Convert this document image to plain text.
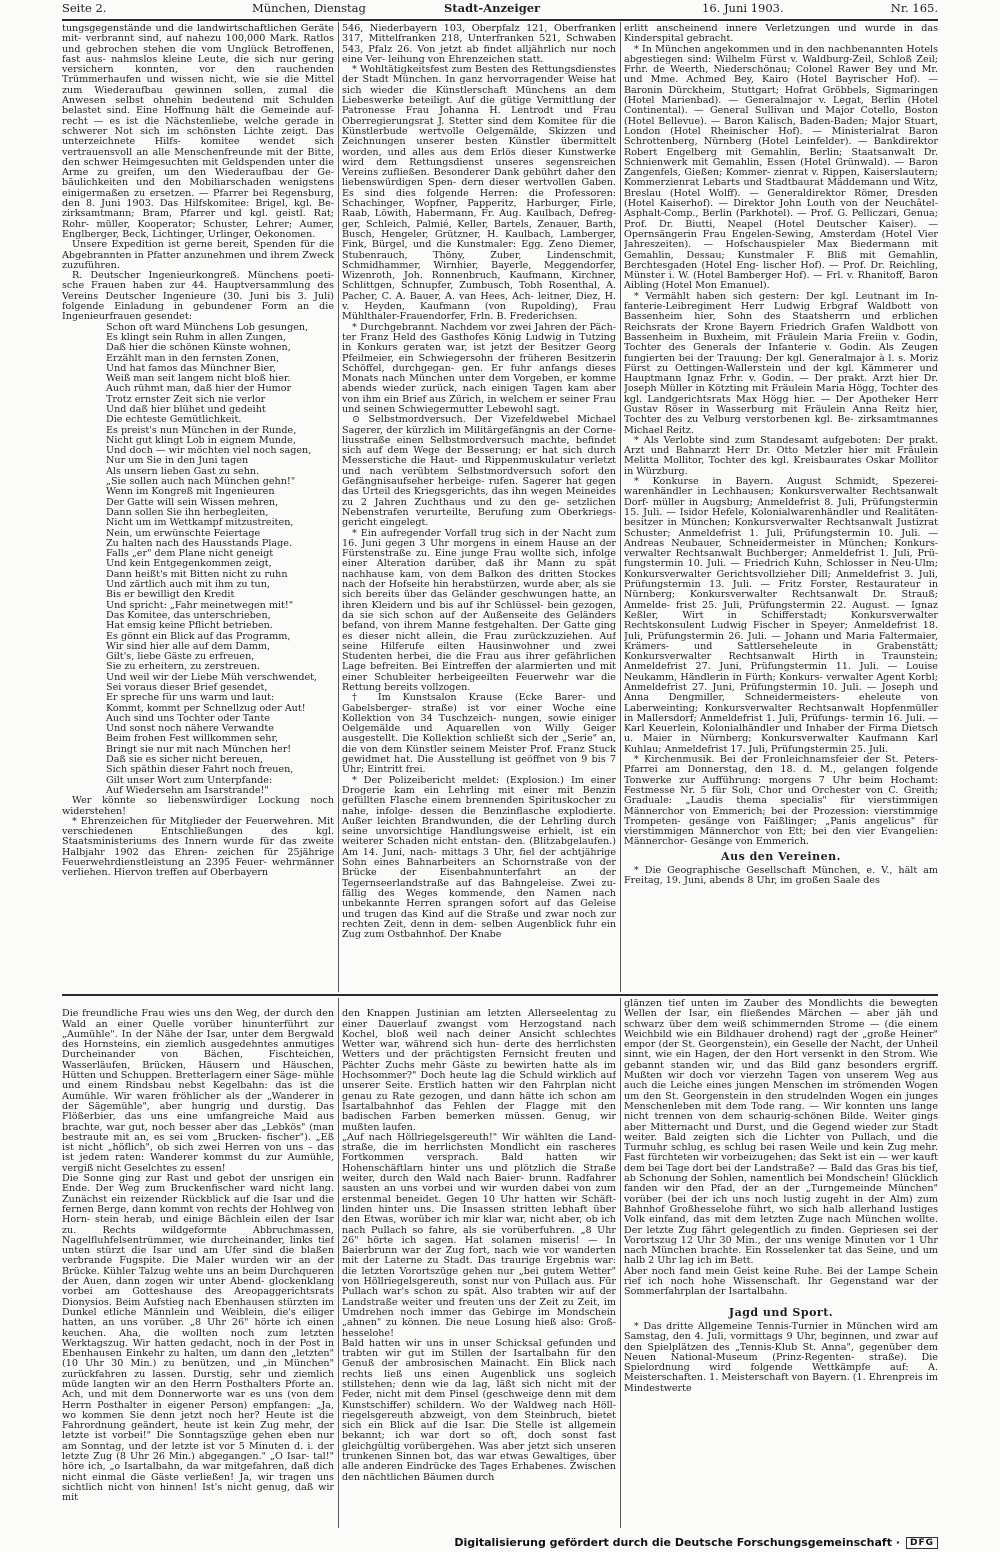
Seite 2.	München, Dienstag	Stadt-Anzeiger	16. Juni 1903.	Nr. 165.

tungsgegenstände und die landwirtschaftlichen Geräte mit- verbrannt sind, auf nahezu 100,000 Mark. Ratlos und gebrochen stehen die vom Unglück Betroffenen, fast aus- nahmslos kleine Leute, die sich nur gering versichern konnten, vor den rauchenden Trümmerhaufen und wissen nicht, wie sie die Mittel zum Wiederaufbau gewinnen sollen, zumal die Anwesen selbst ohnehin bedeutend mit Schulden belastet sind. Eine Hoffnung hält die Gemeinde auf- recht — es ist die Nächstenliebe, welche gerade in schwerer Not sich im schönsten Lichte zeigt. Das unterzeichnete Hilfs- komitee wendet sich vertrauensvoll an alle Menschenfreunde mit der Bitte, den schwer Heimgesuchten mit Geldspenden unter die Arme zu greifen, um den Wiederaufbau der Ge- bäulichkeiten und den Mobiliarschaden wenigstens einigermaßen zu ersetzen. — Pfarrer bei Regensburg, den 8. Juni 1903. Das Hilfskomitee: Brigel, kgl. Be- zirksamtmann; Bram, Pfarrer und kgl. geistl. Rat; Rohr- müller, Kooperator; Schuster, Lehrer; Aumer, Englberger, Beck, Lichtinger, Urlinger, Oekonomen.

Unsere Expedition ist gerne bereit, Spenden für die Abgebrannten in Pfatter anzunehmen und ihrem Zweck zuzuführen.

R. Deutscher Ingenieurkongreß. Münchens poeti- sche Frauen haben zur 44. Hauptversammlung des Vereins Deutscher Ingenieure (30. Juni bis 3. Juli) folgende Einladung in gebundener Form an die Ingenieurfrauen gesendet:

Schon oft ward Münchens Lob gesungen,
Es klingt sein Ruhm in allen Zungen,
Daß hier die schönen Künste wohnen,
Erzählt man in den fernsten Zonen,
Und hat famos das Münchner Bier,
Weiß man seit langem nicht bloß hier.
Auch rühmt man, daß hier der Humor
Trotz ernster Zeit sich nie verlor
Und daß hier blühet und gedeiht
Die echteste Gemütlichkeit.
Es preist's nun München in der Runde,
Nicht gut klingt Lob in eignem Munde,
Und doch — wir möchten viel noch sagen,
Nur um Sie in den Juni tagen
Als unsern lieben Gast zu sehn.
„Sie sollen auch nach München gehn!"
Wenn im Kongreß mit Ingenieuren
Der Gatte will sein Wissen mehren,
Dann sollen Sie ihn herbegleiten,
Nicht um im Wettkampf mitzustreiten,
Nein, um erwünschte Feiertage
Zu halten nach des Hausstands Plage.
Falls „er" dem Plane nicht geneigt
Und kein Entgegenkommen zeigt,
Dann heißt's mit Bitten nicht zu ruhn
Und zärtlich auch mit ihm zu tun,
Bis er bewilligt den Kredit
Und spricht: „Fahr meinetwegen mit!"
Das Komitee, das unterschrieben,
Hat emsig keine Pflicht betrieben.
Es gönnt ein Blick auf das Programm,
Wir sind hier alle auf dem Damm,
Gilt's, liebe Gäste zu erfreuen,
Sie zu erheitern, zu zerstreuen.
Und weil wir der Liebe Müh verschwendet,
Sei voraus dieser Brief gesendet,
Er spreche für uns warm und laut:
Kommt, kommt per Schnellzug oder Aut!
Auch sind uns Tochter oder Tante
Und sonst noch nähere Verwandte
Beim frohen Fest willkommen sehr,
Bringt sie nur mit nach München her!
Daß sie es sicher nicht bereuen,
Sich späthin dieser Fahrt noch freuen,
Gilt unser Wort zum Unterpfande:
Auf Wiedersehn am Isarstrande!"

Wer könnte so liebenswürdiger Lockung noch widerstehen!

* Ehrenzeichen für Mitglieder der Feuerwehren. Mit verschiedenen Entschließungen des kgl. Staatsministeriums des Innern wurde für das zweite Halbjahr 1902 das Ehren- zeichen für 25jährige Feuerwehrdienstleistung an 2395 Feuer- wehrmänner verliehen. Hiervon treffen auf Oberbayern

546, Niederbayern 103, Oberpfalz 121, Oberfranken 317, Mittelfranken 218, Unterfranken 521, Schwaben 543, Pfalz 26. Von jetzt ab findet alljährlich nur noch eine Ver- leihung von Ehrenzeichen statt.

* Wohltätigkeitsfest zum Besten des Rettungsdienstes der Stadt München. In ganz hervorragender Weise hat sich wieder die Künstlerschaft Münchens an dem Liebeswerke beteiligt. Auf die gütige Vermittlung der Patronesse Frau Johanna H. Lentrodt und Frau Oberregierungsrat J. Stetter sind dem Komitee für die Künstlerbude wertvolle Oelgemälde, Skizzen und Zeichnungen unserer besten Künstler übermittelt worden, und alles aus dem Erlös dieser Kunstwerke wird dem Rettungsdienst unseres segensreichen Vereins zufließen. Besonderer Dank gebührt daher den liebenswürdigen Spen- dern dieser wertvollen Gaben. Es sind dies folgende Herren: die Professoren: Schachinger, Wopfner, Papperitz, Harburger, Firle, Raab, Löwith, Habermann, Fr. Aug. Kaulbach, Defreg- ger, Schleich, Palmié, Keller, Bartels, Zenauer, Barth, Busch, Hengeler, Grützner, H. Kaulbach, Lamberger, Fink, Bürgel, und die Kunstmaler: Egg. Zeno Diemer, Stubenrauch, Thöny, Zuber, Lindenschmit, Schmidhammer, Wirnhier, Bayerle, Meggendorfer, Wizenroth, Joh. Ronnenbruch, Kaufmann, Kirchner, Schlittgen, Schnupfer, Zumbusch, Tobh Rosenthal, A. Pacher, C. A. Bauer, A. van Hees, Ach- leitner, Diez, H. v. Heyden, Kaufmann (von Rupolding), Frau Mühlthaler-Frauendorfer, Frln. B. Frederichsen.

* Durchgebrannt. Nachdem vor zwei Jahren der Päch- ter Franz Held des Gasthofes König Ludwig in Tutzing in Konkurs geraten war, ist jetzt der Besitzer Georg Pfeilmeier, ein Schwiegersohn der früheren Besitzerin Schöffel, durchgegan- gen. Er fuhr anfangs dieses Monats nach München unter dem Vorgeben, er komme abends wieder zurück, nach einigen Tagen kam aber von ihm ein Brief aus Zürich, in welchem er seiner Frau und seinen Schwiegermutter Lebewohl sagt.

⊙ Selbstmordversuch. Der Vizefeldwebel Michael Sagerer, der kürzlich im Militärgefängnis an der Corne- liusstraße einen Selbstmordversuch machte, befindet sich auf dem Wege der Besserung; er hat sich durch Messerstiche die Haut- und Rippenmuskulatur verletzt und nach verübtem Selbstmordversuch sofort den Gefängnisaufseher herbeige- rufen. Sagerer hat gegen das Urteil des Kriegsgerichts, das ihn wegen Meineides zu 2 Jahren Zuchthaus und zu den ge- setzlichen Nebenstrafen verurteilte, Berufung zum Oberkriegs- gericht eingelegt.

* Ein aufregender Vorfall trug sich in der Nacht zum 16. Juni gegen 3 Uhr morgens in einem Hause an der Fürstenstraße zu. Eine junge Frau wollte sich, infolge einer Alteration darüber, daß ihr Mann zu spät nachhause kam, von dem Balkon des dritten Stockes nach der Hofseite hin herabstürzen, wurde aber, als sie sich bereits über das Geländer geschwungen hatte, an ihren Kleidern und bis auf ihr Schlüssel- bein gezogen, da sie sich schon auf der Außenseite des Geländers befand, von ihrem Manne festgehalten. Der Gatte ging es dieser nicht allein, die Frau zurückzuziehen. Auf seine Hilferufe eilten Hausinwohner und zwei Studenten herbei, die die Frau aus ihrer gefährlichen Lage befreiten. Bei Eintreffen der alarmierten und mit einer Schubleiter herbeigeeilten Feuerwehr war die Rettung bereits vollzogen.

† Im Kunstsalon Krause (Ecke Barer- und Gabelsberger- straße) ist vor einer Woche eine Kollektion von 34 Tuschzeich- nungen, sowie einiger Oelgemälde und Aquarellen von Willy Geiger ausgestellt. Die Kollektion schließt sich der „Serie" an, die von dem Künstler seinem Meister Prof. Franz Stuck gewidmet hat. Die Ausstellung ist geöffnet von 9 bis 7 Uhr; Eintritt frei.

* Der Polizeibericht meldet: (Explosion.) Im einer Drogerie kam ein Lehrling mit einer mit Benzin gefüllten Flasche einem brennenden Spirituskocher zu nahe, infolge- dessen die Benzinflasche explodierte. Außer leichten Brandwunden, die der Lehrling durch seine unvorsichtige Handlungsweise erhielt, ist ein weiterer Schaden nicht entstan- den. (Blitzabgelaufen.) Am 14. Juni, nach- mittags 3 Uhr, fiel der achtjährige Sohn eines Bahnarbeiters an Schornstraße von der Brücke der Eisenbahnunterfahrt an der Tegernseerlandstraße auf das Bahngeleise. Zwei zu- fällig des Weges kommende, den Namen nach unbekannte Herren sprangen sofort auf das Geleise und trugen das Kind auf die Straße und zwar noch zur rechten Zeit, denn in dem- selben Augenblick fuhr ein Zug zum Ostbahnhof. Der Knabe

erlitt anscheinend innere Verletzungen und wurde in das Kinderspital gebracht.

* In München angekommen und in den nachbenannten Hotels abgestiegen sind: Wilhelm Fürst v. Waldburg-Zeil, Schloß Zeil; Frhr. de Weerth, Niederschönau; Colonel Rawer Bey und Mr. und Mme. Achmed Bey, Kairo (Hotel Bayrischer Hof). — Baronin Dürckheim, Stuttgart; Hofrat Gröbbels, Sigmaringen (Hotel Marienbad). — Generalmajor v. Legat, Berlin (Hotel Continental). — General Sullivan und Major Cotello, Boston (Hotel Bellevue). — Baron Kalisch, Baden-Baden; Major Stuart, London (Hotel Rheinischer Hof). — Ministerialrat Baron Schrottenberg, Nürnberg (Hotel Leinfelder). — Bankdirektor Robert Engelberg mit Gemahlin, Berlin; Staatsanwalt Dr. Schnienwerk mit Gemahlin, Essen (Hotel Grünwald). — Baron Zangenfels, Gießen; Kommer- zienrat v. Rippen, Kaiserslautern; Kommerzienrat Lebarts und Stadtbaurat Mäddemann und Witz, Breslau (Hotel Wolff). — Generaldirektor Römer, Dresden (Hotel Kaiserhof). — Direktor John Louth von der Neuchâtel-Asphalt-Comp., Berlin (Parkhotel). — Prof. G. Pelliczari, Genua; Prof. Dr. Biutti, Neapel (Hotel Deutscher Kaiser). — Opernsängerin Frau Engelen-Sewing, Amsterdam (Hotel Vier Jahreszeiten). — Hofschauspieler Max Biedermann mit Gemahlin, Dessau; Kunstmaler F. Bliß mit Gemahlin, Berchtesgaden (Hotel Eng- lischer Hof). — Prof. Dr. Reichling, Münster i. W. (Hotel Bamberger Hof). — Frl. v. Rhanitoff, Baron Aibling (Hotel Mon Emanuel).

* Vermählt haben sich gestern: Der kgl. Leutnant im In- fanterie-Leibregiment Herr Ludwig Erbgraf Waldbott von Bassenheim hier, Sohn des Staatsherrn und erblichen Reichsrats der Krone Bayern Friedrich Grafen Waldbott von Bassenheim in Buxheim, mit Fräulein Maria Freiin v. Godin, Tochter des Generals der Infanterie v. Godin. Als Zeugen fungierten bei der Trauung: Der kgl. Generalmajor à l. s. Moriz Fürst zu Oettingen-Wallerstein und der kgl. Kämmerer und Hauptmann Ignaz Frhr. v. Godin. — Der prakt. Arzt hier Dr. Joseph Müller in Kötzting mit Fräulein Maria Högg, Tochter des kgl. Landgerichtsrats Max Högg hier. — Der Apotheker Herr Gustav Röser in Wasserburg mit Fräulein Anna Reitz hier, Tochter des zu Velburg verstorbenen kgl. Be- zirksamtmannes Michael Reitz.

* Als Verlobte sind zum Standesamt aufgeboten: Der prakt. Arzt und Bahnarzt Herr Dr. Otto Metzler hier mit Fräulein Melitta Mollitor, Tochter des kgl. Kreisbaurates Oskar Mollitor in Würzburg.

* Konkurse in Bayern. August Schmidt, Spezerei- warenhändler in Lechhausen; Konkursverwalter Rechtsanwalt Dorf- müller in Augsburg; Anmeldefrist 8. Juli, Prüfungstermin 15. Juli. — Isidor Hefele, Kolonialwarenhändler und Realitäten- besitzer in München; Konkursverwalter Rechtsanwalt Justizrat Schuster; Anmeldefrist 1. Juli, Prüfungstermin 10. Juli. — Andreas Neubauer, Schneidermeister in München; Konkurs- verwalter Rechtsanwalt Buchberger; Anmeldefrist 1. Juli, Prü- fungstermin 10. Juli. — Friedrich Kuhn, Schlosser in Neu-Ulm; Konkursverwalter Gerichtsvollzieher Dill; Anmeldefrist 3. Juli, Prüfungstermin 13. Juli. — Fritz Forster, Restaurateur in Nürnberg; Konkursverwalter Rechtsanwalt Dr. Strauß; Anmelde- frist 25. Juli, Prüfungstermin 22. August. — Ignaz Keßler, Wirt in Schifferstadt; Konkursverwalter Rechtskonsulent Ludwig Fischer in Speyer; Anmeldefrist 18. Juli, Prüfungstermin 26. Juli. — Johann und Maria Faltermaier, Krämers- und Sattlerseheleute in Grabenstätt; Konkursverwalter Rechtsanwalt Hirth in Traunstein; Anmeldefrist 27. Juni, Prüfungstermin 11. Juli. — Louise Neukamm, Händlerin in Fürth; Konkurs- verwalter Agent Korbl; Anmeldefrist 27. Juni, Prüfungstermin 10. Juli. — Joseph und Anna Dengmiller, Schneidermeisters- eheleute von Laberweinting; Konkursverwalter Rechtsanwalt Hopfenmüller in Mallersdorf; Anmeldefrist 1. Juli, Prüfungs- termin 16. Juli. — Karl Keuerlein, Kolonialhändler und Inhaber der Firma Dietsch u. Maier in Nürnberg; Konkursverwalter Kaufmann Karl Kuhlau; Anmeldefrist 17. Juli, Prüfungstermin 25. Juli.

* Kirchenmusik. Bei der Fronleichnamsfeier der St. Peters-Pfarrei am Donnerstag, den 18. d. M., gelangen folgende Tonwerke zur Aufführung: morgens 7 Uhr beim Hochamt: Festmesse Nr. 5 für Soli, Chor und Orchester von C. Greith; Graduale: „Laudis thema specialis" für vierstimmigen Männerchor von Emmerich; bei der Prozession: vierstimmige Trompeten- gesänge von Faißlinger; „Panis angelicus" für vierstimmigen Männerchor von Ett; bei den vier Evangelien: Männerchor- Gesänge von Emmerich.

Aus den Vereinen.

* Die Geographische Gesellschaft München, e. V., hält am Freitag, 19. Juni, abends 8 Uhr, im großen Saale des

Die freundliche Frau wies uns den Weg, der durch den Wald an einer Quelle vorüber hinunterführt zur „Aumühle". In der Nähe der Isar, unter dem Bergwald des Hornsteins, ein ziemlich ausgedehntes anmutiges Durcheinander von Bächen, Fischteichen, Wasserläufen, Brücken, Häusern und Häuschen, Hütten und Schuppen. Bretterlagern einer Säge- mühle und einem Rindsbau nebst Kegelbahn: das ist die Aumühle. Wir waren fröhlicher als der „Wanderer in der Sägemühle", aber hungrig und durstig. Das Flößerbier, das uns eine umfangreiche Maid aus brachte, war gut, noch besser aber das „Lebkös" (man bestraute mit an, es sei vom „Brucken- fischer"). „Eß ist nicht „höflich", ob sich zwei Herren von uns – das ist jedem raten: Wanderer kommst du zur Aumühle, vergiß nicht Geselchtes zu essen!
Die Sonne ging zur Rast und gebot der unsrigen ein Ende. Der Weg zum Bruckenfischer ward nicht lang. Zunächst ein reizender Rückblick auf die Isar und die fernen Berge, dann kommt von rechts der Hohlweg von Horn- stein herab, und einige Bächlein eilen der Isar zu. Rechts wildgeformte Abbruchmassen, Nagelfluhfelsentrümmer, wie durcheinander, links tief unten stürzt die Isar und am Ufer sind die blaßen verbrande Fugspite. Die Maler wurden wir an der Brücke. Kühler Talzug wehte uns an beim Durchqueren der Auen, dann zogen wir unter Abend- glockenklang vorbei am Gotteshause des Areopaggerichtsrats Dionysios. Beim Aufstieg nach Ebenhausen stürzten im Dunkel etliche Männlein und Weiblein, die's eiliger hatten, an uns vorüber. „8 Uhr 26" hörte ich einen keuchen. Aha, die wollten noch zum letzten Werktagszug. Wir hatten gedacht, noch in der Post in Ebenhausen Einkehr zu halten, um dann den „letzten" (10 Uhr 30 Min.) zu benützen, und „in München" zurückfahren zu lassen. Durstig, sehr und ziemlich müde langten wir an den Herrn Posthalters Pforte an. Ach, und mit dem Donnerworte war es uns (von dem Herrn Posthalter in eigener Person) empfangen: „Ja, wo kommen Sie denn jetzt noch her? Heute ist die Fahrordnung geändert, heute ist kein Zug mehr, der letzte ist vorbei!" Die Sonntagszüge gehen eben nur am Sonntag, und der letzte ist vor 5 Minuten d. i. der letzte Zug (8 Uhr 26 Min.) abgegangen." „O Isar- tal!" höre ich, „o Isartalbahn, da war mitgefahren, daß dich nicht einmal die Gäste verließen! Ja, wir tragen uns sichtlich nicht von hinnen! Ist's nicht genug, daß wir mit

den Knappen Justinian am letzten Allerseelentag zu einer Dauerlauf zwangst vom Herzogstand nach Kochel, bloß weil nach deiner Ansicht schlechtes Wetter war, während sich hun- derte des herrlichsten Wetters und der prächtigsten Fernsicht freuten und Pächter Zuchs mehr Gäste zu bewirten hatte als im Hochsommer?" Doch heute lag die Schuld wirklich auf unserer Seite. Erstlich hatten wir den Fahrplan nicht genau zu Rate gezogen, und dann hätte ich schon am Isartalbahnhof das Fehlen der Flagge mit den badischen Farben bemerken müssen. Genug, wir mußten laufen.
„Auf nach Höllriegelsgereuth!" Wir wählten die Land- straße, die im herrlichsten Mondlicht ein rascheres Fortkommen versprach. Bald hatten wir Hohenschäftlarn hinter uns und plötzlich die Straße weiter, durch den Wald nach Baier- brunn. Radfahrer sausten an uns vorbei und wir wurden dabei von zum erstenmal beneidet. Gegen 10 Uhr hatten wir Schäft- linden hinter uns. Die Insassen stritten lebhaft über den Etwas, worüber ich mir klar war, nicht aber, ob ich nach Pullach so fahre, als sie vorüberfuhren. „8 Uhr 26" hörte ich sagen. Hat solamen miseris! — In Baierbrunn war der Zug fort, nach wie vor wanderten mit der Laterne zu Stadt. Das traurige Ergebnis war: die letzten Vorortszüge gehen nur „bei gutem Wetter" von Höllriegelsgereuth, sonst nur von Pullach aus. Für Pullach war's schon zu spät. Also trabten wir auf der Landstraße weiter und freuten uns der Zeit zu Zeit, im Umdrehen noch immer das Gebirge im Mondschein „ahnen" zu können. Die neue Losung hieß also: Groß- hesselohe!
Bald hatten wir uns in unser Schicksal gefunden und trabten wir gut im Stillen der Isartalbahn für den Genuß der ambrosischen Mainacht. Ein Blick nach rechts ließ uns einen Augenblick uns sogleich stillstehen; denn wie da lag, läßt sich nicht mit der Feder, nicht mit dem Pinsel (geschweige denn mit dem Kunstschiffer) schildern. Wo der Waldweg nach Höll- riegelsgereuth abzweigt, von dem Steinbruch, bietet sich ein Blick auf die Isar. Die Stelle ist allgemein bekannt; ich war dort so oft, doch sonst fast gleichgültig vorübergehen. Was aber jetzt sich unseren trunkenen Sinnen bot, das war etwas Gewaltiges, über alle anderen Eindrücke des Tages Erhabenes. Zwischen den nächtlichen Bäumen durch

glänzen tief unten im Zauber des Mondlichts die bewegten Wellen der Isar, ein fließendes Märchen — aber jäh und schwarz über dem weiß schimmernden Strome — (die einem Weichbild wie ein Bildhauer drohend) ragt der „große Heiner" empor (der St. Georgenstein), ein Geselle der Nacht, der Unheil sinnt, wie ein Hagen, der den Hort versenkt in den Strom. Wie gebannt standen wir, und das Bild ganz besonders ergriff. Mußten wir doch vor vierzehn Tagen von unserem Weg aus auch die Leiche eines jungen Menschen im strömenden Wogen um den St. Georgenstein in den strudelnden Wogen ein junges Menschenleben mit dem Tode rang. — Wir konnten uns lange nicht trennen von dem schaurig-schönen Bilde. Weiter gings aber Mitternacht und Durst, und die Gegend wieder zur Stadt weiter. Bald zeigten sich die Lichter von Pullach, und die Turmuhr schlug, es schlug bei rasen Weile und kein Zug mehr. Fast fürchteten wir vorbeizugehen; das Sekt ist ein — wer kauft dem bei Tage dort bei der Landstraße? — Bald das Gras bis tief, ab Schonung der Sohlen, namentlich bei Mondschein! Glücklich fanden wir den Pfad, der an der „Turngemeinde München" vorüber (bei der ich uns noch lustig zugeht in der Alm) zum Bahnhof Großhesselohe führt, wo sich halb allerhand lustiges Volk einfand, das mit dem letzten Zuge nach München wollte. Der letzte Zug fährt gelegentlich zu finden. Gepriesen sei der Vorortszug 12 Uhr 30 Min., der uns wenige Minuten vor 1 Uhr nach München brachte. Ein Rosselenker tat das Seine, und um halb 2 Uhr lag ich im Bett.
Aber noch fand mein Geist keine Ruhe. Bei der Lampe Schein rief ich noch hohe Wissenschaft. Ihr Gegenstand war der Sommerfahrplan der Isartalbahn.

Jagd und Sport.

* Das dritte Allgemeine Tennis-Turnier in München wird am Samstag, den 4. Juli, vormittags 9 Uhr, beginnen, und zwar auf den Spielplätzen des „Tennis-Klub St. Anna", gegenüber dem Neuen National-Museum (Prinz-Regenten- straße). Die Spielordnung wird folgende Wettkämpfe auf: A. Meisterschaften. 1. Meisterschaft von Bayern. (1. Ehrenpreis im Mindestwerte

Digitalisierung gefördert durch die Deutsche Forschungsgemeinschaft ·	DFG
